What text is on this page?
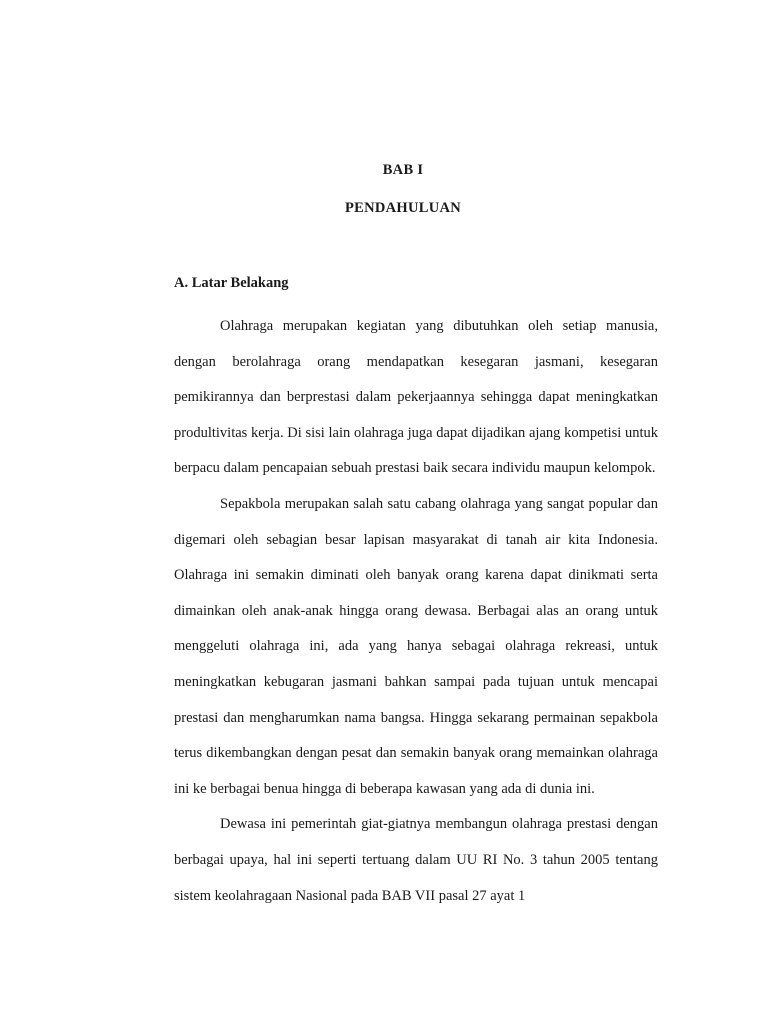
BAB I
PENDAHULUAN
A. Latar Belakang

Olahraga merupakan kegiatan yang dibutuhkan oleh setiap manusia, dengan berolahraga orang mendapatkan kesegaran jasmani, kesegaran pemikirannya dan berprestasi dalam pekerjaannya sehingga dapat meningkatkan produltivitas kerja. Di sisi lain olahraga juga dapat dijadikan ajang kompetisi untuk berpacu dalam pencapaian sebuah prestasi baik secara individu maupun kelompok.

Sepakbola merupakan salah satu cabang olahraga yang sangat popular dan digemari oleh sebagian besar lapisan masyarakat di tanah air kita Indonesia. Olahraga ini semakin diminati oleh banyak orang karena dapat dinikmati serta dimainkan oleh anak-anak hingga orang dewasa. Berbagai alas an orang untuk menggeluti olahraga ini, ada yang hanya sebagai olahraga rekreasi, untuk meningkatkan kebugaran jasmani bahkan sampai pada tujuan untuk mencapai prestasi dan mengharumkan nama bangsa. Hingga sekarang permainan sepakbola terus dikembangkan dengan pesat dan semakin banyak orang memainkan olahraga ini ke berbagai benua hingga di beberapa kawasan yang ada di dunia ini.

Dewasa ini pemerintah giat-giatnya membangun olahraga prestasi dengan berbagai upaya, hal ini seperti tertuang dalam UU RI No. 3 tahun 2005 tentang sistem keolahragaan Nasional pada BAB VII pasal 27 ayat 1
